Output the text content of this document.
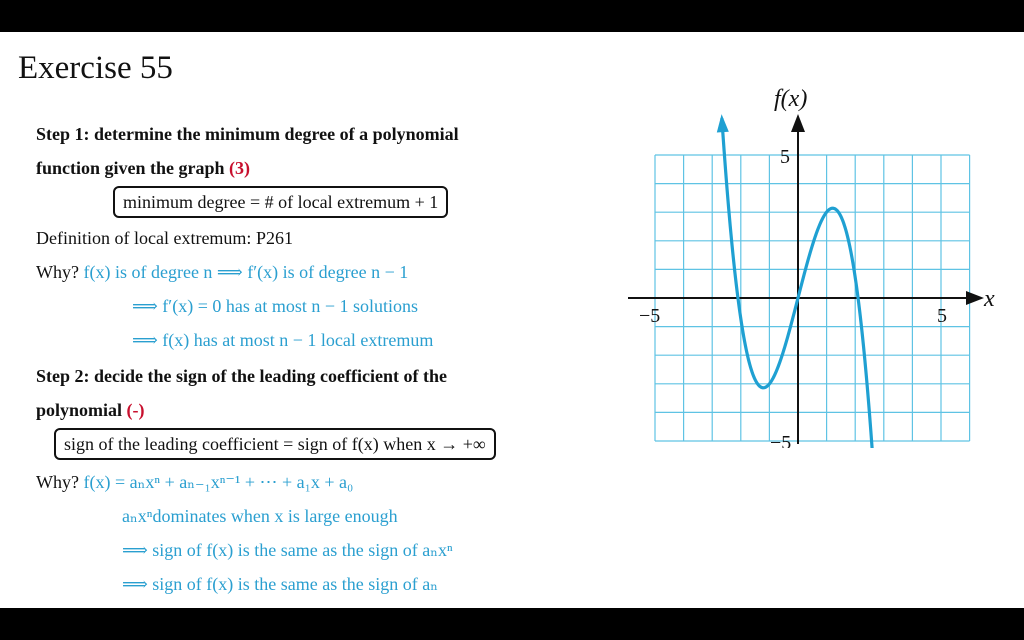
Exercise 55
Step 1: determine the minimum degree of a polynomial
function given the graph (3)
minimum degree = # of local extremum + 1
Definition of local extremum: P261
Why? f(x) is of degree n ⟹ f′(x) is of degree n − 1
⟹ f′(x) = 0 has at most n − 1 solutions
⟹ f(x) has at most n − 1 local extremum
Step 2: decide the sign of the leading coefficient of the
polynomial (-)
sign of the leading coefficient = sign of f(x) when x → +∞
Why? f(x) = aₙxⁿ + aₙ₋₁xⁿ⁻¹ + ⋯ + a₁x + a₀
aₙxⁿdominates when x is large enough
⟹ sign of f(x) is the same as the sign of aₙxⁿ
⟹ sign of f(x) is the same as the sign of aₙ
f(x)
x
−5	5
5
−5
